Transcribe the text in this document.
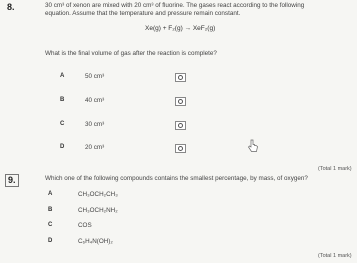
8.	30 cm³ of xenon are mixed with 20 cm³ of fluorine. The gases react according to the following
equation. Assume that the temperature and pressure remain constant.
Xe(g) + F₂(g) → XeF₂(g)
What is the final volume of gas after the reaction is complete?
A	50 cm³
B	40 cm³
C	30 cm³
D	20 cm³
(Total 1 mark)
9.	Which one of the following compounds contains the smallest percentage, by mass, of oxygen?
A	CH₃OCH₂CH₃
B	CH₃OCH₂NH₂
C	COS
D	C₆H₄N(OH)₂
(Total 1 mark)
